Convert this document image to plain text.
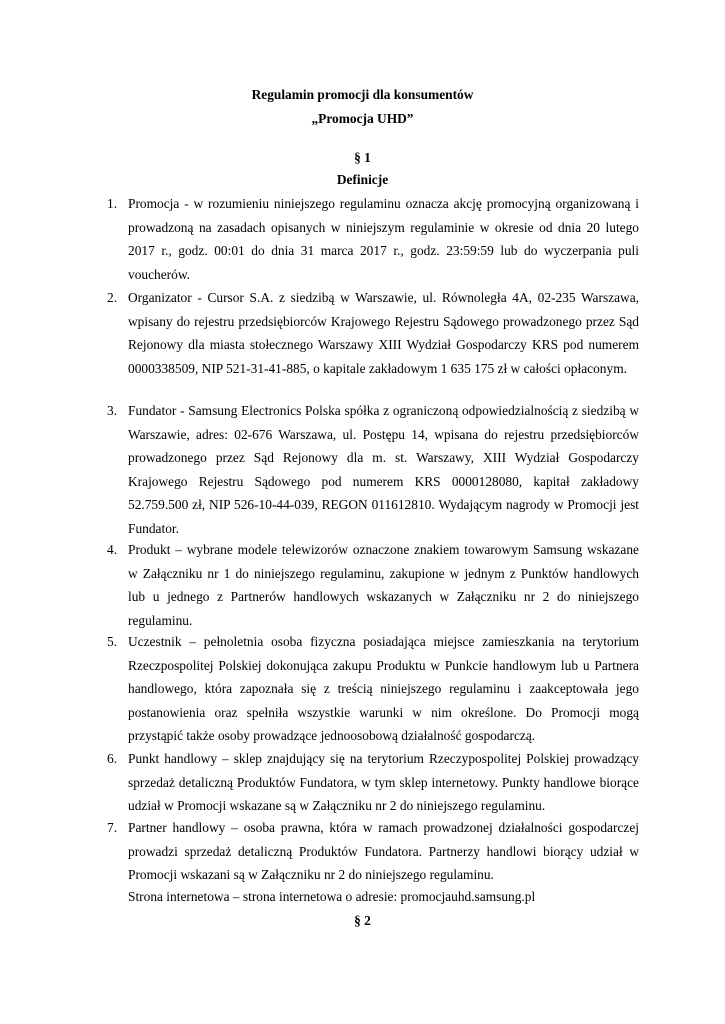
Regulamin promocji dla konsumentów
„Promocja UHD”
§ 1
Definicje
1. Promocja - w rozumieniu niniejszego regulaminu oznacza akcję promocyjną organizowaną i
prowadzoną na zasadach opisanych w niniejszym regulaminie w okresie od dnia 20 lutego
2017 r., godz. 00:01 do dnia 31 marca 2017 r., godz. 23:59:59 lub do wyczerpania puli
voucherów.
2. Organizator - Cursor S.A. z siedzibą w Warszawie, ul. Równoległa 4A, 02-235 Warszawa,
wpisany do rejestru przedsiębiorców Krajowego Rejestru Sądowego prowadzonego przez Sąd
Rejonowy dla miasta stołecznego Warszawy XIII Wydział Gospodarczy KRS pod numerem
0000338509, NIP 521-31-41-885, o kapitale zakładowym 1 635 175 zł w całości opłaconym.
3. Fundator - Samsung Electronics Polska spółka z ograniczoną odpowiedzialnością z siedzibą w
Warszawie, adres: 02-676 Warszawa, ul. Postępu 14, wpisana do rejestru przedsiębiorców
prowadzonego przez Sąd Rejonowy dla m. st. Warszawy, XIII Wydział Gospodarczy
Krajowego Rejestru Sądowego pod numerem KRS 0000128080, kapitał zakładowy
52.759.500 zł, NIP 526-10-44-039, REGON 011612810. Wydającym nagrody w Promocji jest
Fundator.
4. Produkt – wybrane modele telewizorów oznaczone znakiem towarowym Samsung wskazane
w Załączniku nr 1 do niniejszego regulaminu, zakupione w jednym z Punktów handlowych
lub u jednego z Partnerów handlowych wskazanych w Załączniku nr 2 do niniejszego
regulaminu.
5. Uczestnik – pełnoletnia osoba fizyczna posiadająca miejsce zamieszkania na terytorium
Rzeczpospolitej Polskiej dokonująca zakupu Produktu w Punkcie handlowym lub u Partnera
handlowego, która zapoznała się z treścią niniejszego regulaminu i zaakceptowała jego
postanowienia oraz spełniła wszystkie warunki w nim określone. Do Promocji mogą
przystąpić także osoby prowadzące jednoosobową działalność gospodarczą.
6. Punkt handlowy – sklep znajdujący się na terytorium Rzeczypospolitej Polskiej prowadzący
sprzedaż detaliczną Produktów Fundatora, w tym sklep internetowy. Punkty handlowe biorące
udział w Promocji wskazane są w Załączniku nr 2 do niniejszego regulaminu.
7. Partner handlowy – osoba prawna, która w ramach prowadzonej działalności gospodarczej
prowadzi sprzedaż detaliczną Produktów Fundatora. Partnerzy handlowi biorący udział w
Promocji wskazani są w Załączniku nr 2 do niniejszego regulaminu.
Strona internetowa – strona internetowa o adresie: promocjauhd.samsung.pl
§ 2
